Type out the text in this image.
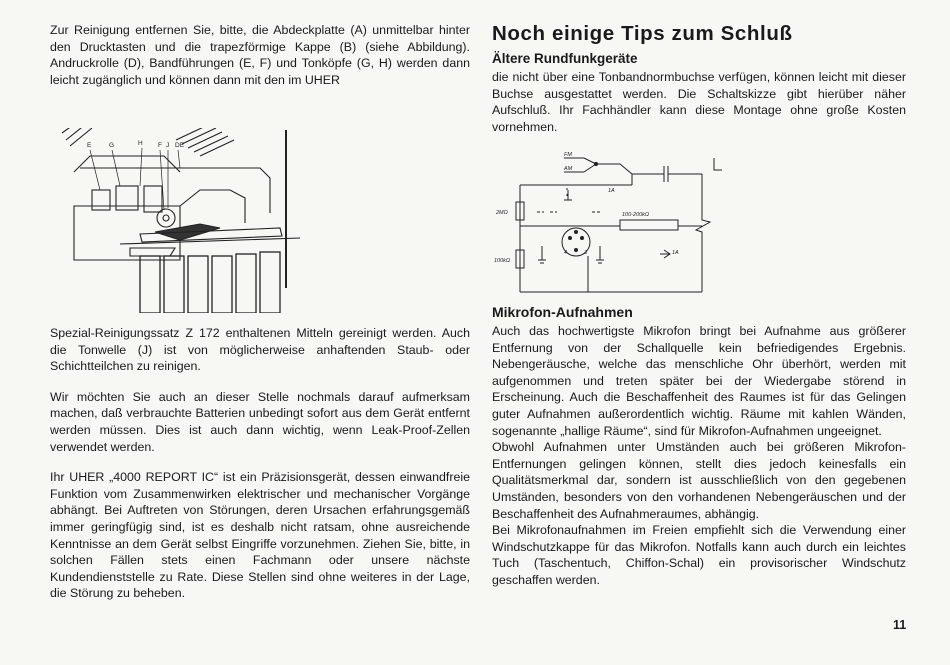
Zur Reinigung entfernen Sie, bitte, die Abdeckplatte (A) unmittelbar hinter den Drucktasten und die trapezförmige Kappe (B) (siehe Abbildung). Andruckrolle (D), Bandführungen (E, F) und Tonköpfe (G, H) werden dann leicht zugänglich und können dann mit den im UHER

E	G	H F J DE

Spezial-Reinigungssatz Z 172 enthaltenen Mitteln gereinigt werden. Auch die Tonwelle (J) ist von möglicherweise anhaftenden Staub- oder Schichtteilchen zu reinigen.

Wir möchten Sie auch an dieser Stelle nochmals darauf aufmerksam machen, daß verbrauchte Batterien unbedingt sofort aus dem Gerät entfernt werden müssen. Dies ist auch dann wichtig, wenn Leak-Proof-Zellen verwendet werden.

Ihr UHER „4000 REPORT IC“ ist ein Präzisionsgerät, dessen einwandfreie Funktion vom Zusammenwirken elektrischer und mechanischer Vorgänge abhängt. Bei Auftreten von Störungen, deren Ursachen erfahrungsgemäß immer geringfügig sind, ist es deshalb nicht ratsam, ohne ausreichende Kenntnisse an dem Gerät selbst Eingriffe vorzunehmen. Ziehen Sie, bitte, in solchen Fällen stets einen Fachmann oder unsere nächste Kundendienststelle zu Rate. Diese Stellen sind ohne weiteres in der Lage, die Störung zu beheben.

Noch einige Tips zum Schluß
Ältere Rundfunkgeräte

die nicht über eine Tonbandnormbuchse verfügen, können leicht mit dieser Buchse ausgestattet werden. Die Schaltskizze gibt hierüber näher Aufschluß. Ihr Fachhändler kann diese Montage ohne große Kosten vornehmen.

FM
AM
2MΩ
100kΩ
100-200kΩ
1A
1A
4	3
Mikrofon-Aufnahmen

Auch das hochwertigste Mikrofon bringt bei Aufnahme aus größerer Entfernung von der Schallquelle kein befriedigendes Ergebnis. Nebengeräusche, welche das menschliche Ohr überhört, werden mit aufgenommen und treten später bei der Wiedergabe störend in Erscheinung. Auch die Beschaffenheit des Raumes ist für das Gelingen guter Aufnahmen außerordentlich wichtig. Räume mit kahlen Wänden, sogenannte „hallige Räume“, sind für Mikrofon-Aufnahmen ungeeignet.

Obwohl Aufnahmen unter Umständen auch bei größeren Mikrofon-Entfernungen gelingen können, stellt dies jedoch keinesfalls ein Qualitätsmerkmal dar, sondern ist ausschließlich von den gegebenen Umständen, besonders von den vorhandenen Nebengeräuschen und der Beschaffenheit des Aufnahmeraumes, abhängig.

Bei Mikrofonaufnahmen im Freien empfiehlt sich die Verwendung einer Windschutzkappe für das Mikrofon. Notfalls kann auch durch ein leichtes Tuch (Taschentuch, Chiffon-Schal) ein provisorischer Windschutz geschaffen werden.

11
